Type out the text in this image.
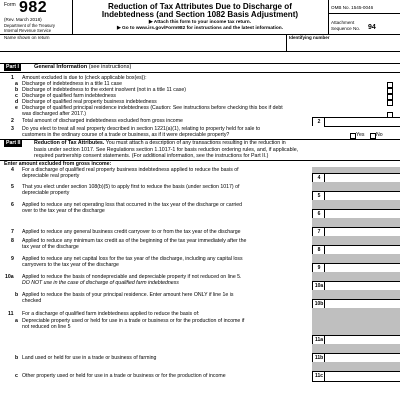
Form 982
(Rev. March 2018)
Department of the Treasury
Internal Revenue Service
Reduction of Tax Attributes Due to Discharge of
Indebtedness (and Section 1082 Basis Adjustment)
▶ Attach this form to your income tax return.
▶ Go to www.irs.gov/Form982 for instructions and the latest information.
OMB No. 1545-0046
Attachment
Sequence No. 94
Name shown on return	Identifying number
Part I	General Information (see instructions)
1 Amount excluded is due to (check applicable box(es)):
a Discharge of indebtedness in a title 11 case
b Discharge of indebtedness to the extent insolvent (not in a title 11 case)
c Discharge of qualified farm indebtedness
d Discharge of qualified real property business indebtedness
e Discharge of qualified principal residence indebtedness (Caution: See instructions before checking this box if debt
was discharged after 2017.)
2 Total amount of discharged indebtedness excluded from gross income	2
3 Do you elect to treat all real property described in section 1221(a)(1), relating to property held for sale to
customers in the ordinary course of a trade or business, as if it were depreciable property?	Yes No
Part II	Reduction of Tax Attributes. You must attach a description of any transactions resulting in the reduction in
basis under section 1017. See Regulations section 1.1017-1 for basis reduction ordering rules, and, if applicable,
required partnership consent statements. (For additional information, see the instructions for Part II.)
Enter amount excluded from gross income:
4 For a discharge of qualified real property business indebtedness applied to reduce the basis of
depreciable real property	4
5 That you elect under section 108(b)(5) to apply first to reduce the basis (under section 1017) of
depreciable property	5
6 Applied to reduce any net operating loss that occurred in the tax year of the discharge or carried
over to the tax year of the discharge	6
7 Applied to reduce any general business credit carryover to or from the tax year of the discharge	7
8 Applied to reduce any minimum tax credit as of the beginning of the tax year immediately after the
tax year of the discharge	8
9 Applied to reduce any net capital loss for the tax year of the discharge, including any capital loss
carryovers to the tax year of the discharge	9
10a Applied to reduce the basis of nondepreciable and depreciable property if not reduced on line 5.
DO NOT use in the case of discharge of qualified farm indebtedness	10a
b Applied to reduce the basis of your principal residence. Enter amount here ONLY if line 1e is
checked	10b
11 For a discharge of qualified farm indebtedness applied to reduce the basis of:
a Depreciable property used or held for use in a trade or business or for the production of income if
not reduced on line 5
11a
b Land used or held for use in a trade or business of farming	11b
c Other property used or held for use in a trade or business or for the production of income	11c
